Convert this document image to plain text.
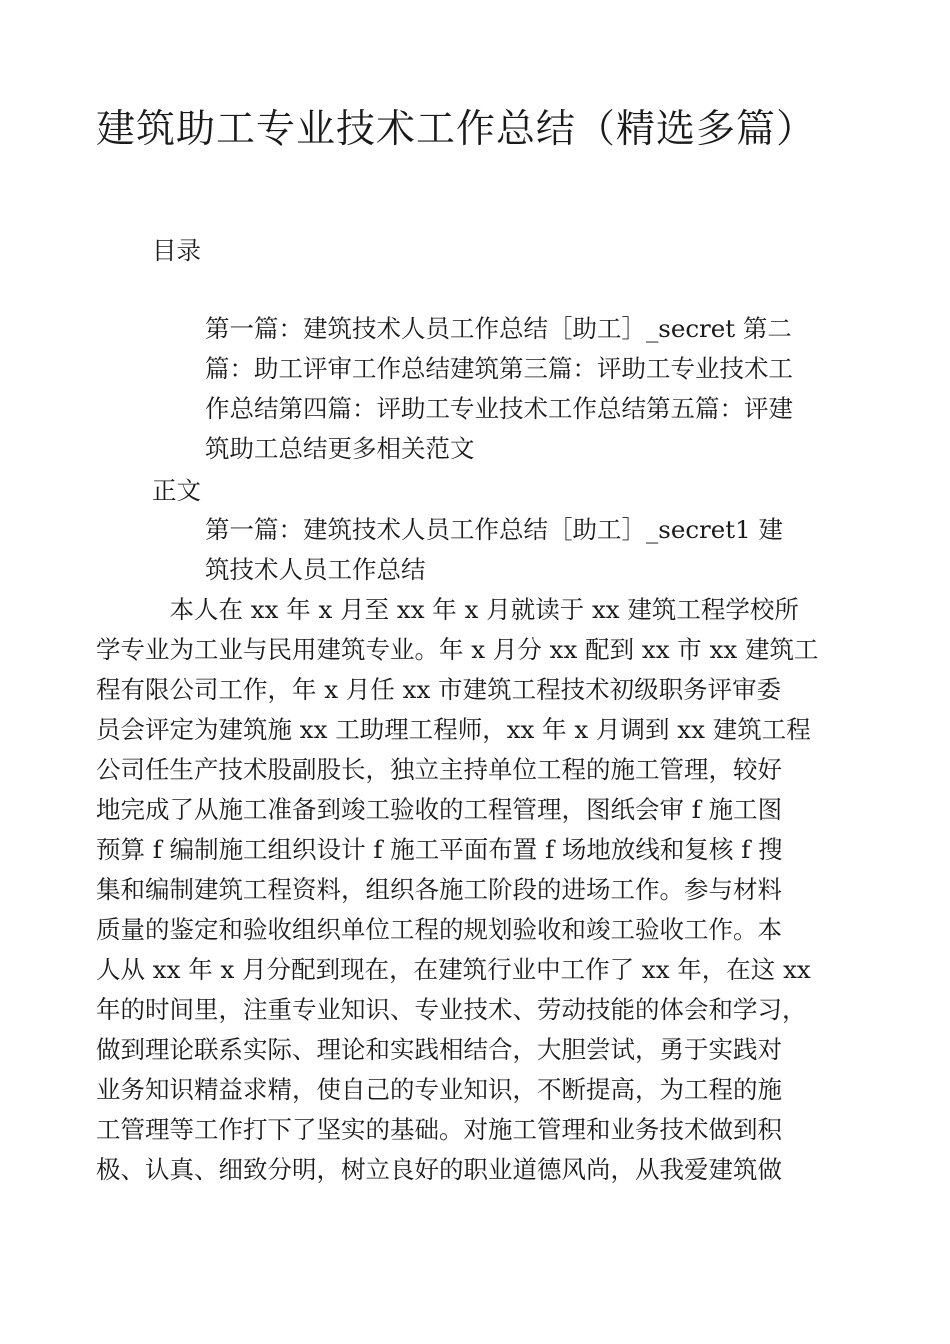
建筑助工专业技术工作总结（精选多篇）

目录

第一篇：建筑技术人员工作总结［助工］_secret 第二

篇：助工评审工作总结建筑第三篇：评助工专业技术工

作总结第四篇：评助工专业技术工作总结第五篇：评建

筑助工总结更多相关范文

正文

第一篇：建筑技术人员工作总结［助工］_secret1 建

筑技术人员工作总结

　　　本人在 xx 年 x 月至 xx 年 x 月就读于 xx 建筑工程学校所

学专业为工业与民用建筑专业。年 x 月分 xx 配到 xx 市 xx 建筑工

程有限公司工作，年 x 月任 xx 市建筑工程技术初级职务评审委

员会评定为建筑施 xx 工助理工程师，xx 年 x 月调到 xx 建筑工程

公司任生产技术股副股长，独立主持单位工程的施工管理，较好

地完成了从施工准备到竣工验收的工程管理，图纸会审 f 施工图

预算 f 编制施工组织设计 f 施工平面布置 f 场地放线和复核 f 搜

集和编制建筑工程资料，组织各施工阶段的进场工作。参与材料

质量的鉴定和验收组织单位工程的规划验收和竣工验收工作。本

人从 xx 年 x 月分配到现在，在建筑行业中工作了 xx 年，在这 xx

年的时间里，注重专业知识、专业技术、劳动技能的体会和学习，

做到理论联系实际、理论和实践相结合，大胆尝试，勇于实践对

业务知识精益求精，使自己的专业知识，不断提高，为工程的施

工管理等工作打下了坚实的基础。对施工管理和业务技术做到积

极、认真、细致分明，树立良好的职业道德风尚，从我爱建筑做
